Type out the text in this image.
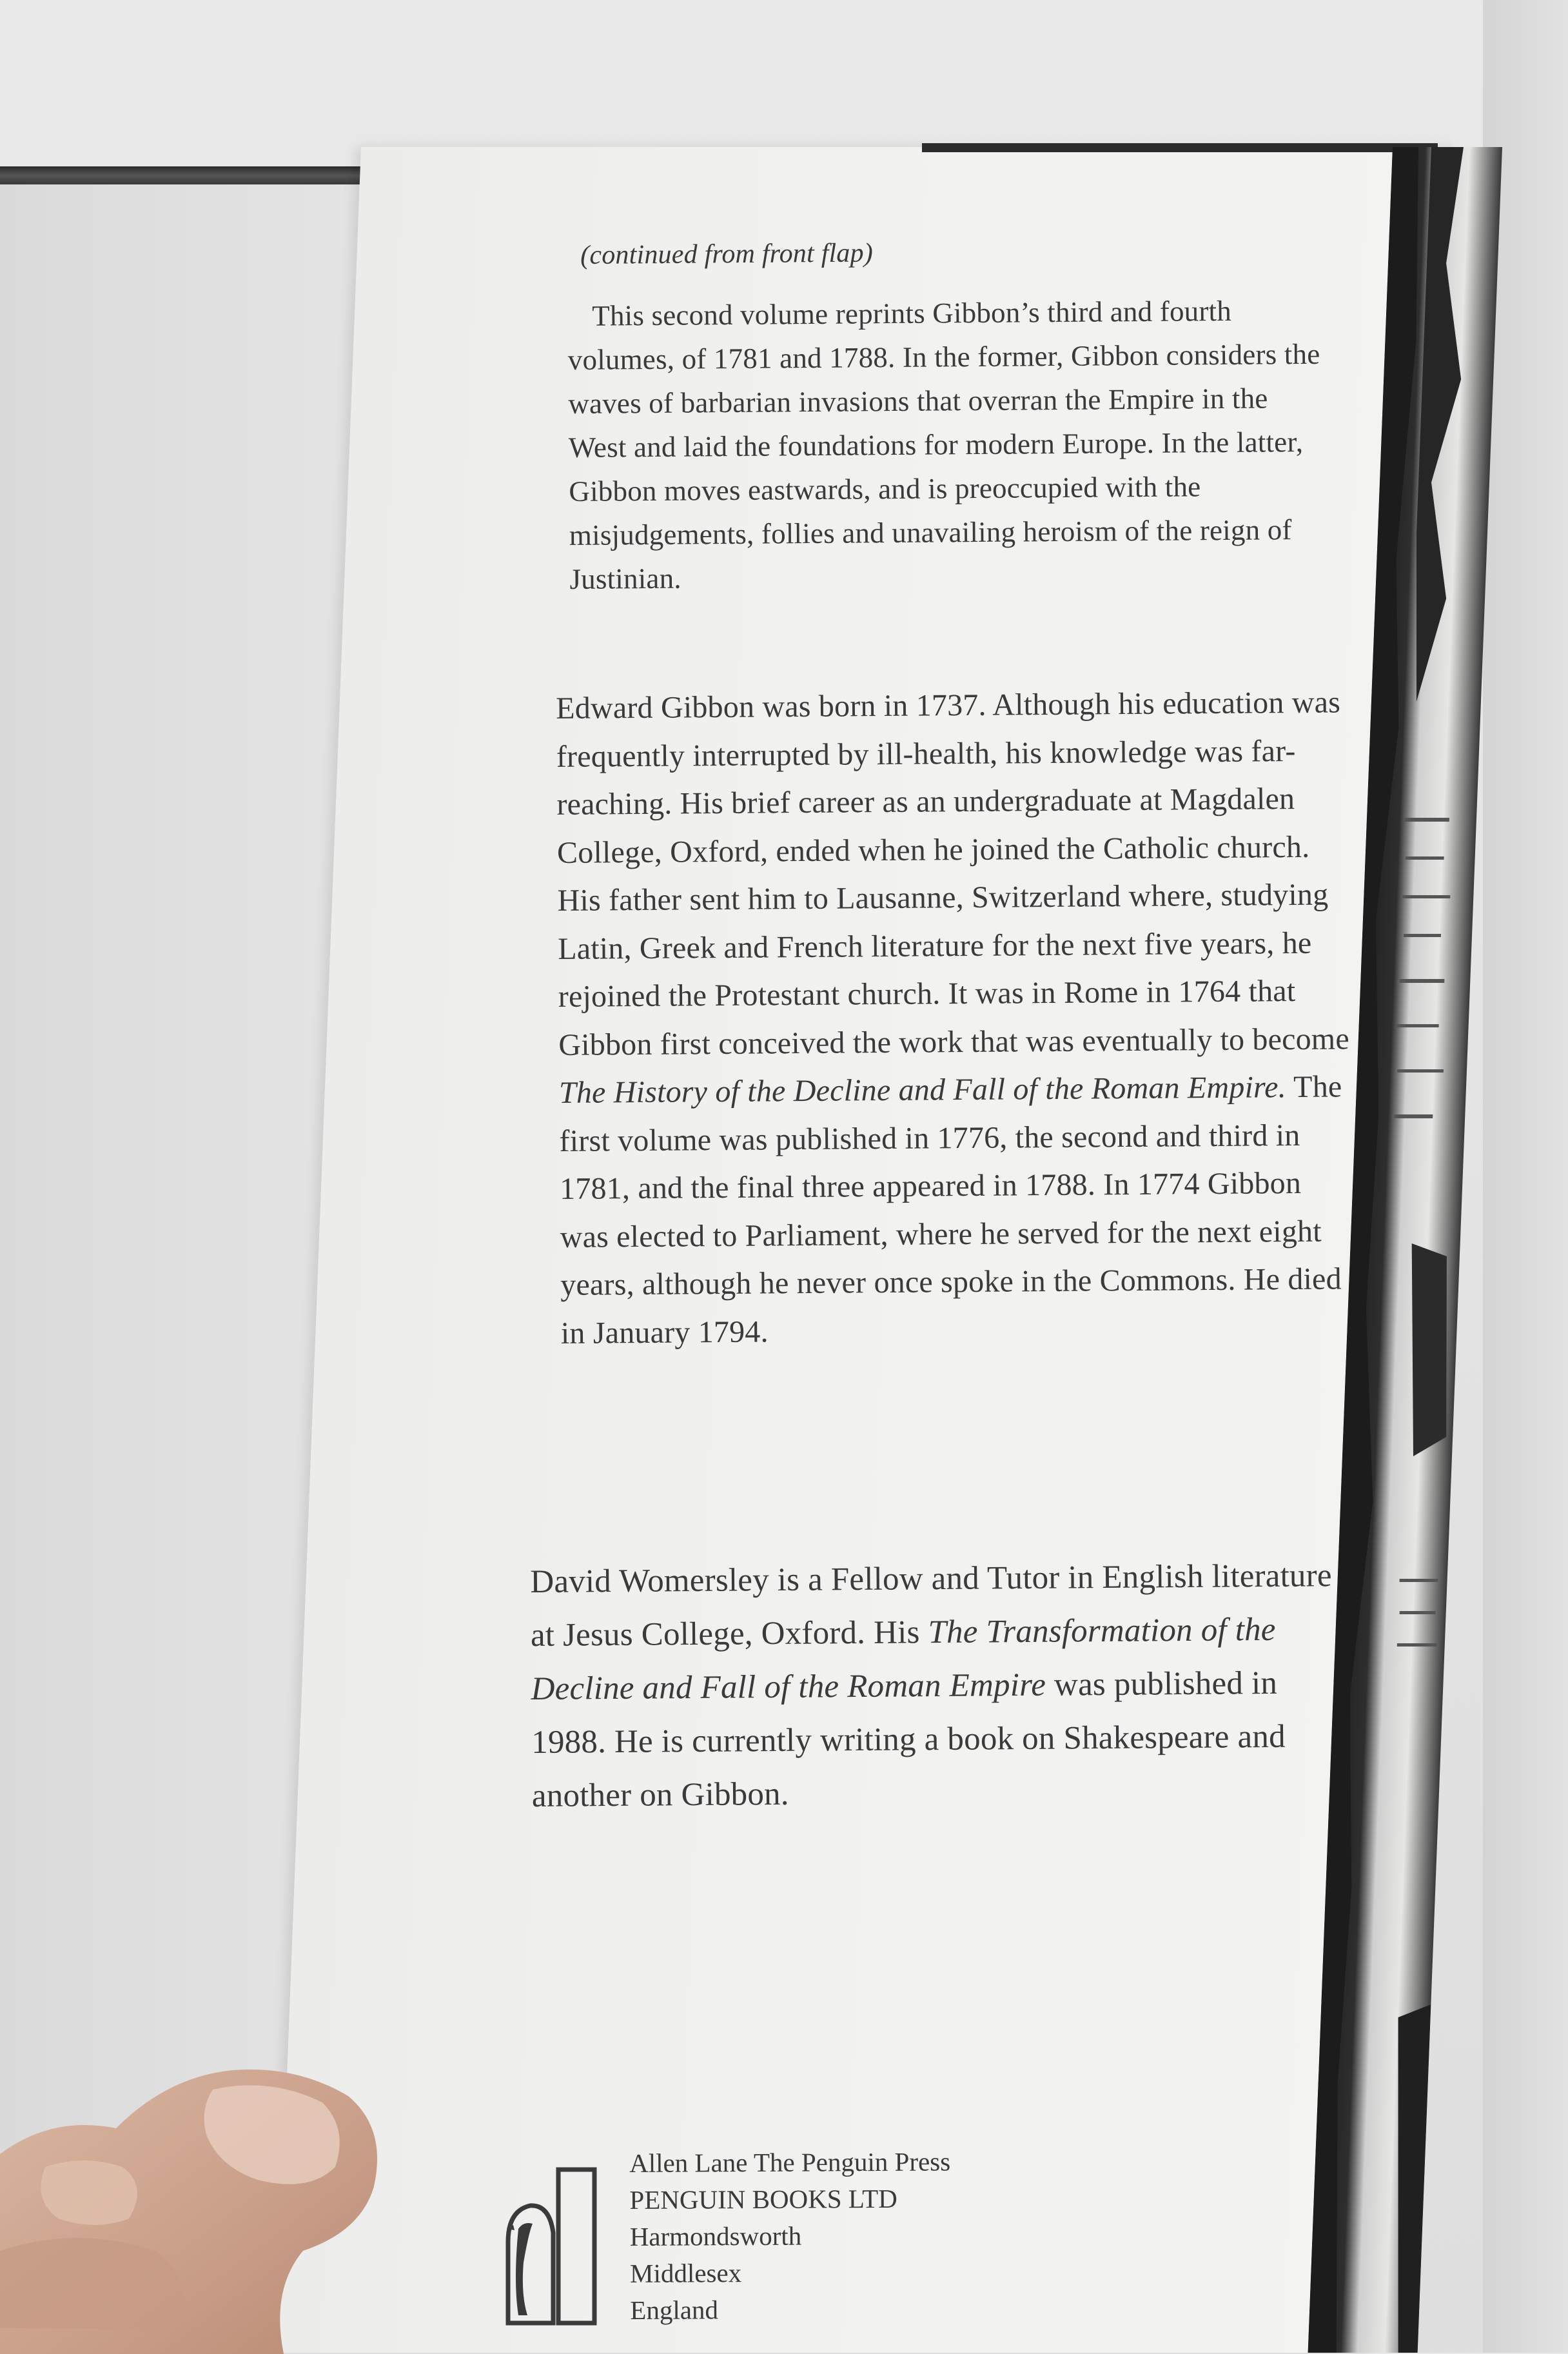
(continued from front flap)
This second volume reprints Gibbon’s third and fourth volumes, of 1781 and 1788. In the former, Gibbon considers the waves of barbarian invasions that overran the Empire in the West and laid the foundations for modern Europe. In the latter, Gibbon moves eastwards, and is preoccupied with the misjudgements, follies and unavailing heroism of the reign of Justinian.
Edward Gibbon was born in 1737. Although his education was frequently interrupted by ill-health, his knowledge was far-reaching. His brief career as an undergraduate at Magdalen College, Oxford, ended when he joined the Catholic church. His father sent him to Lausanne, Switzerland where, studying Latin, Greek and French literature for the next five years, he rejoined the Protestant church. It was in Rome in 1764 that Gibbon first conceived the work that was eventually to become The History of the Decline and Fall of the Roman Empire. The first volume was published in 1776, the second and third in 1781, and the final three appeared in 1788. In 1774 Gibbon was elected to Parliament, where he served for the next eight years, although he never once spoke in the Commons. He died in January 1794.
David Womersley is a Fellow and Tutor in English literature at Jesus College, Oxford. His The Transformation of the Decline and Fall of the Roman Empire was published in 1988. He is currently writing a book on Shakespeare and another on Gibbon.
Allen Lane The Penguin Press
PENGUIN BOOKS LTD
Harmondsworth
Middlesex
England
